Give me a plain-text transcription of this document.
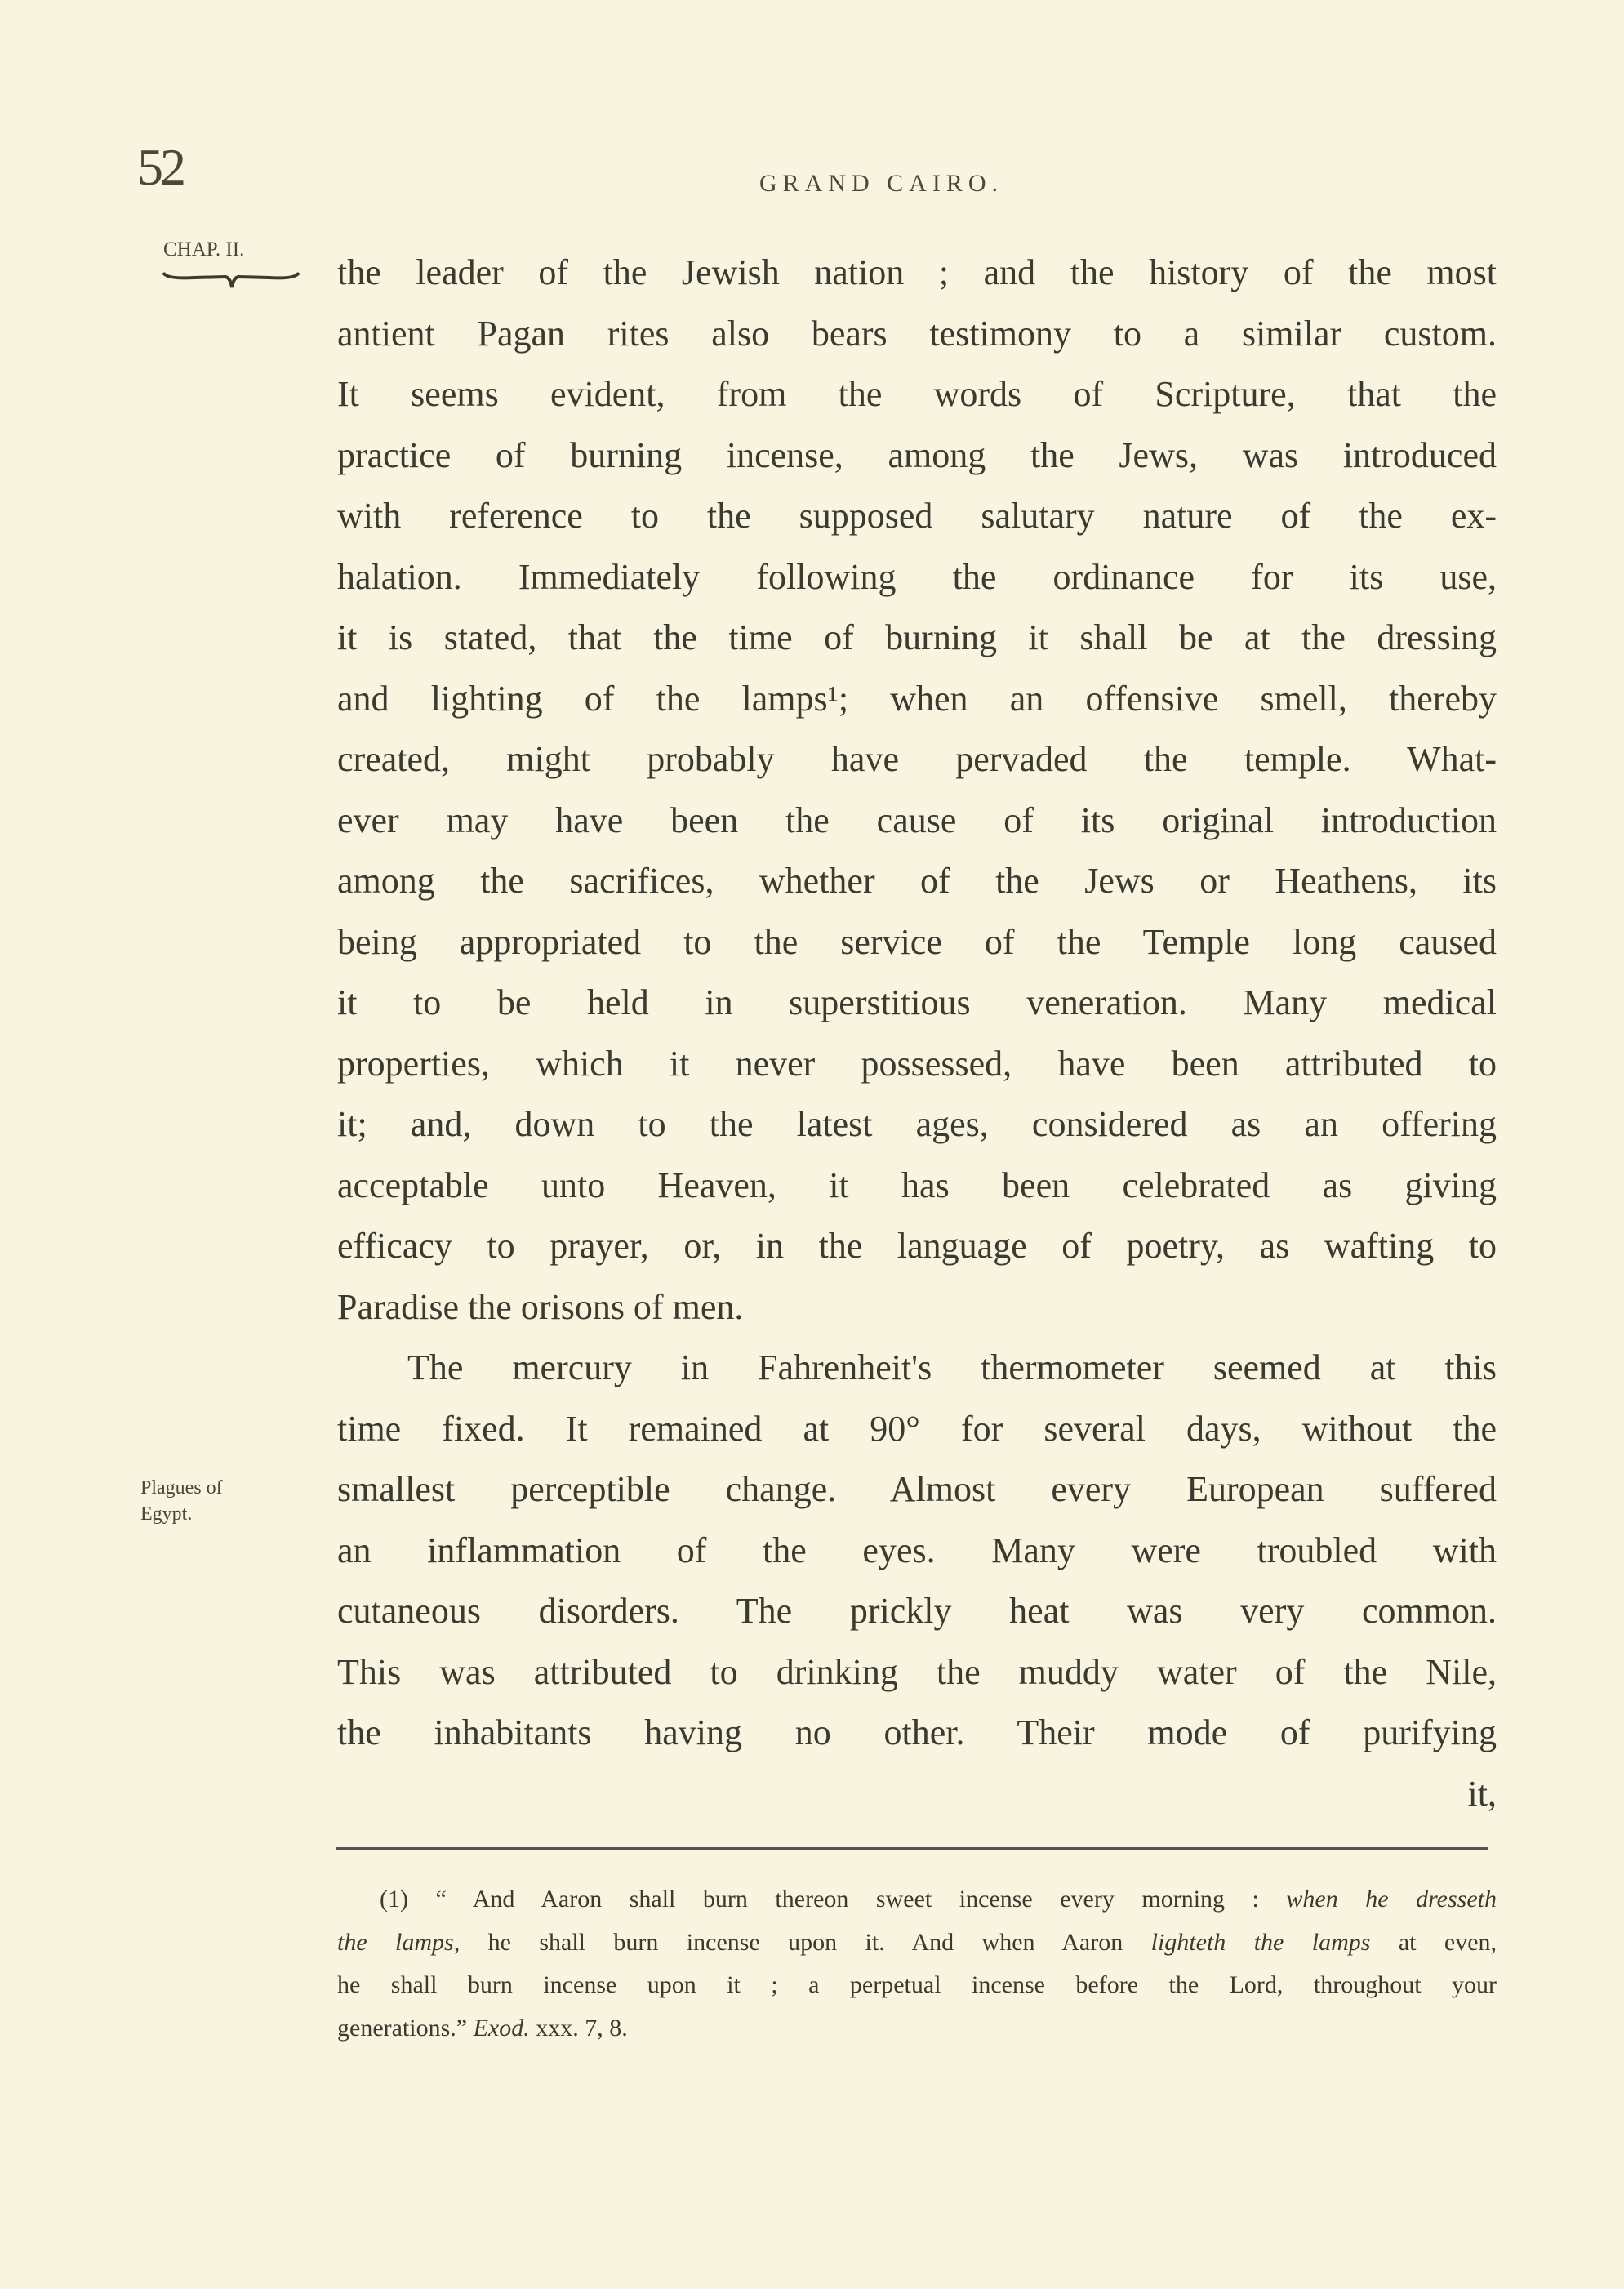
52	GRAND CAIRO.
CHAP. II.
Plagues of
Egypt.
the leader of the Jewish nation ; and the history of the most
antient Pagan rites also bears testimony to a similar custom.
It seems evident, from the words of Scripture, that the
practice of burning incense, among the Jews, was introduced
with reference to the supposed salutary nature of the ex-
halation. Immediately following the ordinance for its use,
it is stated, that the time of burning it shall be at the dressing
and lighting of the lamps¹; when an offensive smell, thereby
created, might probably have pervaded the temple. What-
ever may have been the cause of its original introduction
among the sacrifices, whether of the Jews or Heathens, its
being appropriated to the service of the Temple long caused
it to be held in superstitious veneration. Many medical
properties, which it never possessed, have been attributed to
it; and, down to the latest ages, considered as an offering
acceptable unto Heaven, it has been celebrated as giving
efficacy to prayer, or, in the language of poetry, as wafting to
Paradise the orisons of men.
The mercury in Fahrenheit's thermometer seemed at this
time fixed. It remained at 90° for several days, without the
smallest perceptible change. Almost every European suffered
an inflammation of the eyes. Many were troubled with
cutaneous disorders. The prickly heat was very common.
This was attributed to drinking the muddy water of the Nile,
the inhabitants having no other. Their mode of purifying
it,
(1) “ And Aaron shall burn thereon sweet incense every morning : when he dresseth
the lamps, he shall burn incense upon it. And when Aaron lighteth the lamps at even,
he shall burn incense upon it ; a perpetual incense before the Lord, throughout your
generations.” Exod. xxx. 7, 8.
